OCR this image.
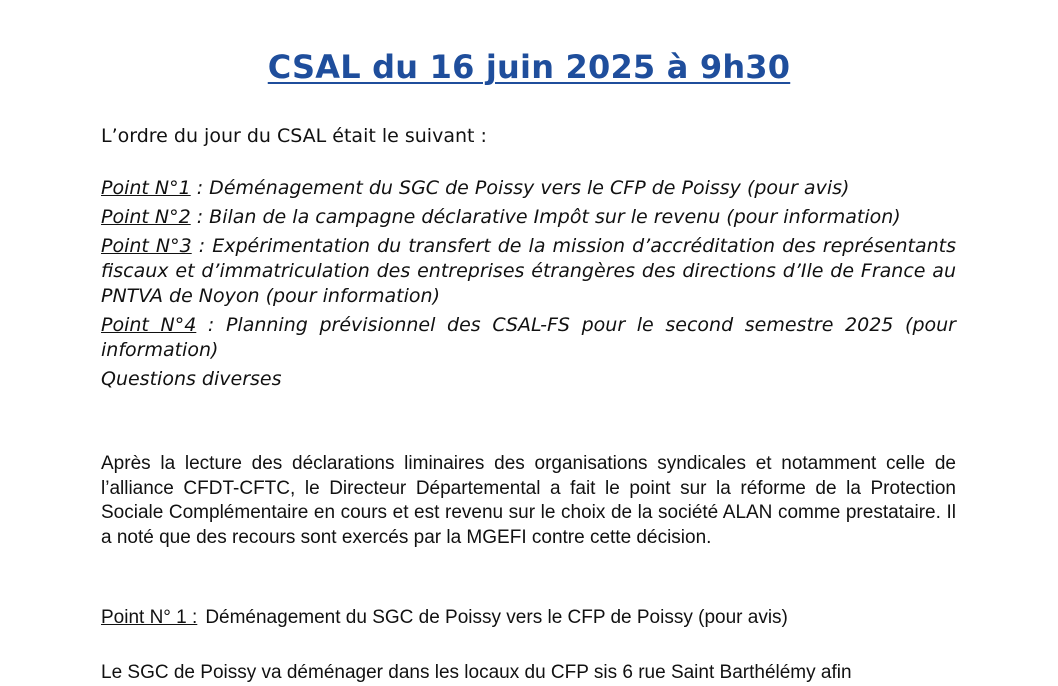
CSAL du 16 juin 2025 à 9h30
L’ordre du jour du CSAL était le suivant :
Point N°1 : Déménagement du SGC de Poissy vers le CFP de Poissy (pour avis)
Point N°2 : Bilan de la campagne déclarative Impôt sur le revenu (pour information)
Point N°3 : Expérimentation du transfert de la mission d’accréditation des représentants fiscaux et d’immatriculation des entreprises étrangères des directions d’Ile de France au PNTVA de Noyon (pour information)
Point N°4 : Planning prévisionnel des CSAL-FS pour le second semestre 2025 (pour information)
Questions diverses
Après la lecture des déclarations liminaires des organisations syndicales et notamment celle de l’alliance CFDT-CFTC, le Directeur Départemental a fait le point sur la réforme de la Protection Sociale Complémentaire en cours et est revenu sur le choix de la société ALAN comme prestataire. Il a noté que des recours sont exercés par la MGEFI contre cette décision.
Point N° 1 : Déménagement du SGC de Poissy vers le CFP de Poissy (pour avis)
Le SGC de Poissy va déménager dans les locaux du CFP sis 6 rue Saint Barthélémy afin
